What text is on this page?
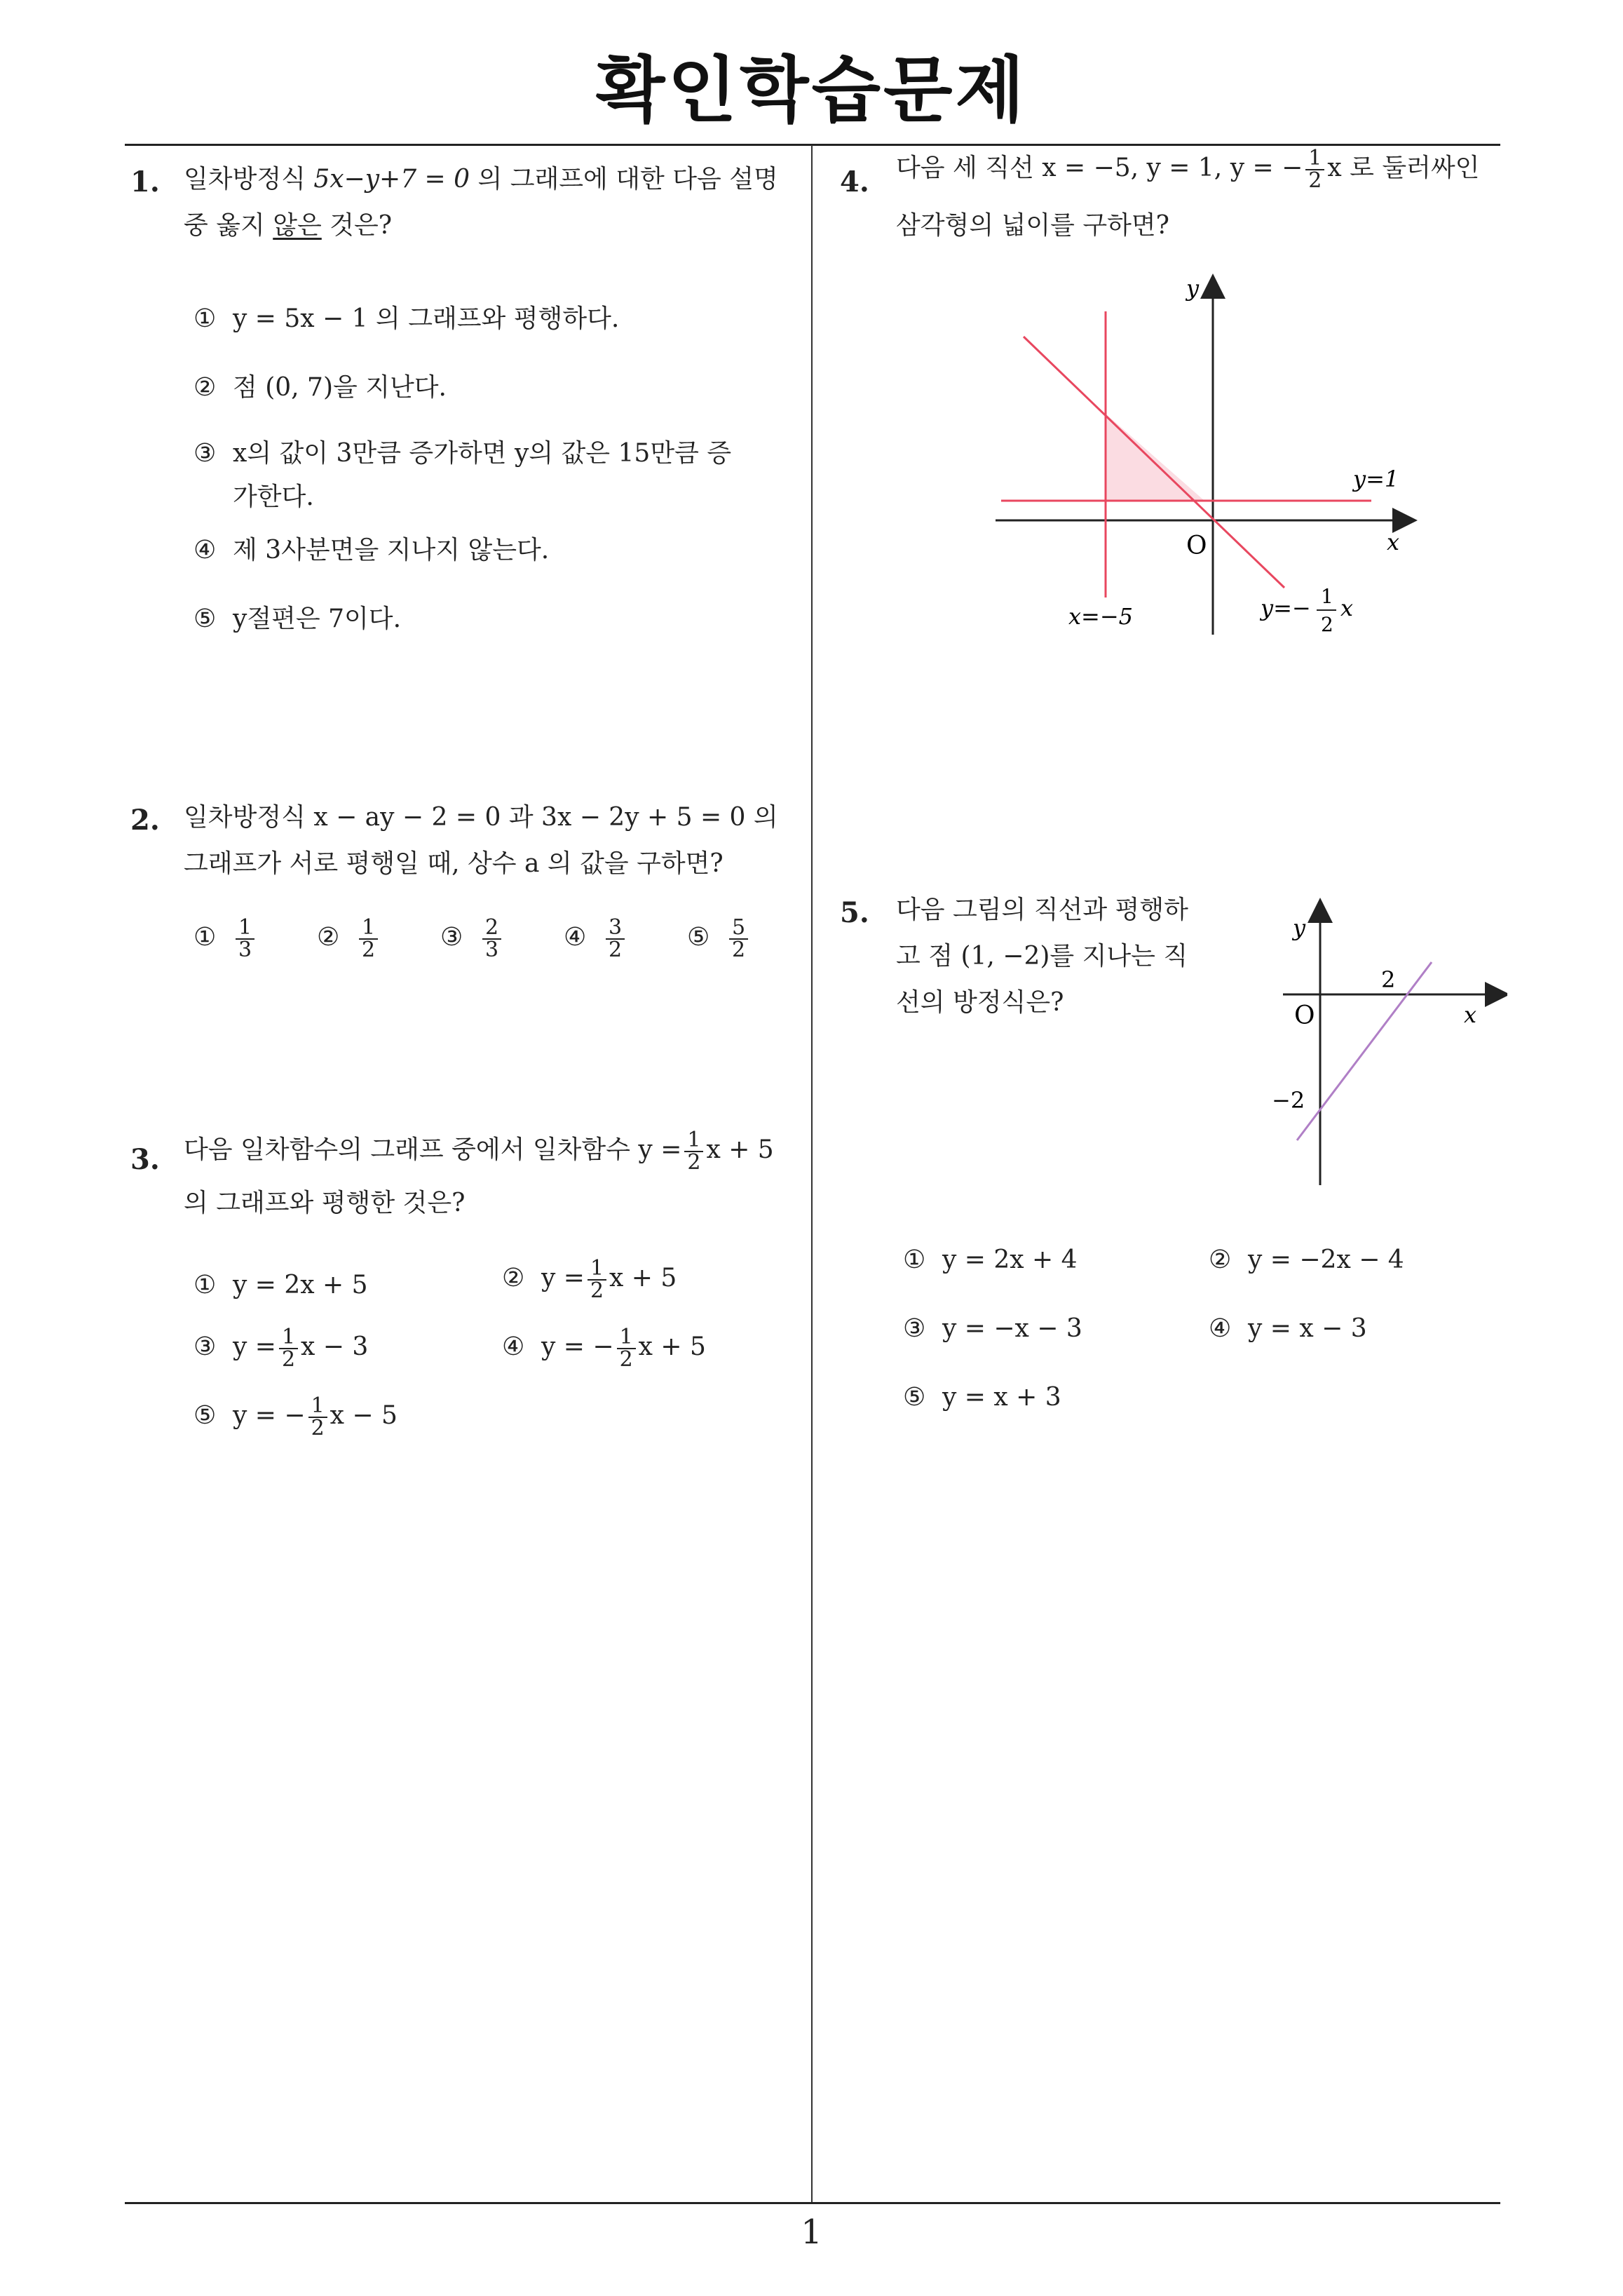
확인학습문제
1
1. 일차방정식 5x−y+7 = 0 의 그래프에 대한 다음 설명
중 옳지 않은 것은?
① y = 5x − 1 의 그래프와 평행하다.
② 점 (0, 7)을 지난다.
③ x의 값이 3만큼 증가하면 y의 값은 15만큼 증
가한다.
④ 제 3사분면을 지나지 않는다.
⑤ y절편은 7이다.
2. 일차방정식 x − ay − 2 = 0 과 3x − 2y + 5 = 0 의
그래프가 서로 평행일 때, 상수 a 의 값을 구하면?
① $\frac{1}{3}$ ② $\frac{1}{2}$ ③ $\frac{2}{3}$ ④ $\frac{3}{2}$ ⑤ $\frac{5}{2}$
3. 다음 일차함수의 그래프 중에서 일차함수 $y = \frac{1}{2}$ x + 5
의 그래프와 평행한 것은?
① y = 2x + 5	② $y = \frac{1}{2}$ x + 5
③ $y = \frac{1}{2}$ x − 3	④ y = − $\frac{1}{2}$ x + 5
⑤ y = − $\frac{1}{2}$ x − 5
4. 다음 세 직선 x = −5, y = 1, y = − $\frac{1}{2}$ x 로 둘러싸인
삼각형의 넓이를 구하면?
y
x
O
y=1
x=−5	y=− 1
2
x
5. 다음 그림의 직선과 평행하
고 점 (1, −2)를 지나는 직
선의 방정식은?
y
x
O
2
−2
① y = 2x + 4	② y = −2x − 4
③ y = −x − 3	④ y = x − 3
⑤ y = x + 3
